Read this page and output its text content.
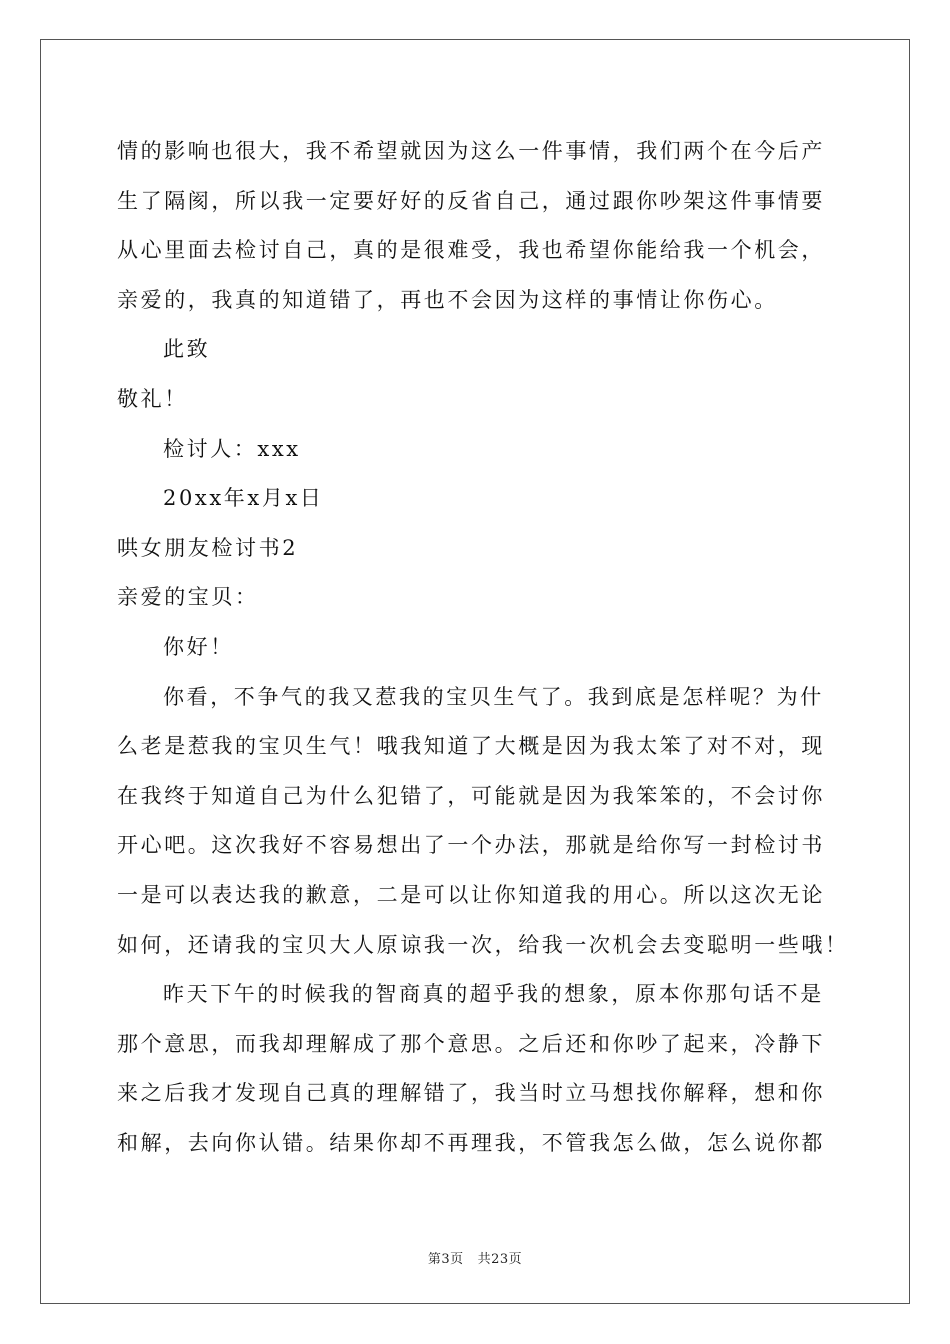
情的影响也很大，我不希望就因为这么一件事情，我们两个在今后产
生了隔阂，所以我一定要好好的反省自己，通过跟你吵架这件事情要
从心里面去检讨自己，真的是很难受，我也希望你能给我一个机会，
亲爱的，我真的知道错了，再也不会因为这样的事情让你伤心。
此致
敬礼！
检讨人：xxx
20xx年x月x日
哄女朋友检讨书2
亲爱的宝贝：
你好！
你看，不争气的我又惹我的宝贝生气了。我到底是怎样呢？为什
么老是惹我的宝贝生气！哦我知道了大概是因为我太笨了对不对，现
在我终于知道自己为什么犯错了，可能就是因为我笨笨的，不会讨你
开心吧。这次我好不容易想出了一个办法，那就是给你写一封检讨书
一是可以表达我的歉意，二是可以让你知道我的用心。所以这次无论
如何，还请我的宝贝大人原谅我一次，给我一次机会去变聪明一些哦！
昨天下午的时候我的智商真的超乎我的想象，原本你那句话不是
那个意思，而我却理解成了那个意思。之后还和你吵了起来，冷静下
来之后我才发现自己真的理解错了，我当时立马想找你解释，想和你
和解，去向你认错。结果你却不再理我，不管我怎么做，怎么说你都
第3页 共23页
